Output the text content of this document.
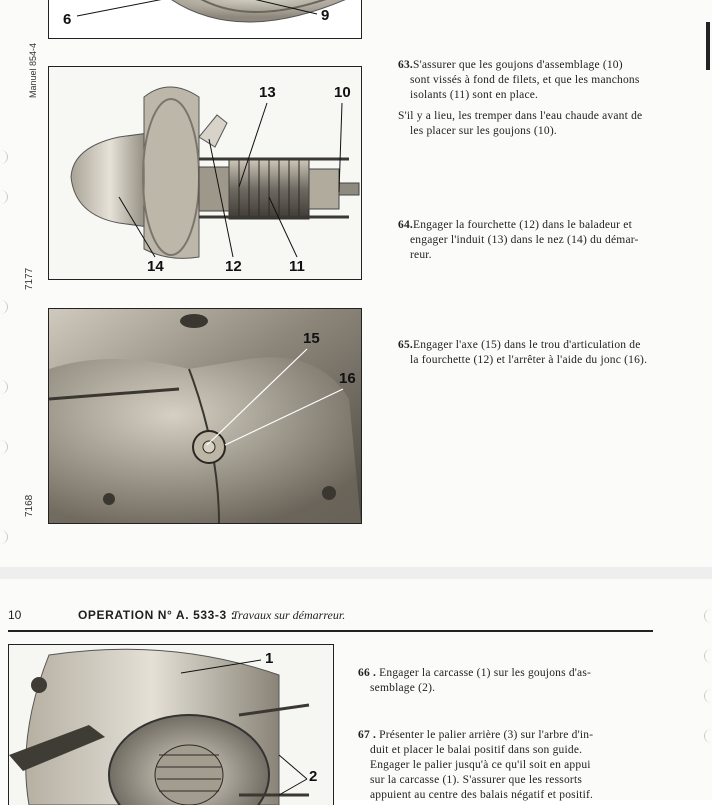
Manuel 854-4
7177
7168
6	9
13	10
14	12	11
15
16

63.S'assurer que les goujons d'assemblage (10)

sont vissés à fond de filets, et que les manchons

isolants (11) sont en place.

S'il y a lieu, les tremper dans l'eau chaude avant de

les placer sur les goujons (10).

64.Engager la fourchette (12) dans le baladeur et

engager l'induit (13) dans le nez (14) du démar-

reur.

65.Engager l'axe (15) dans le trou d'articulation de

la fourchette (12) et l'arrêter à l'aide du jonc (16).

10	OPERATION N° A. 533-3 :
Travaux sur démarreur.
1
2

66 . Engager la carcasse (1) sur les goujons d'as-

semblage (2).

67 . Présenter le palier arrière (3) sur l'arbre d'in-

duit et placer le balai positif dans son guide.

Engager le palier jusqu'à ce qu'il soit en appui

sur la carcasse (1). S'assurer que les ressorts

appuient au centre des balais négatif et positif.
